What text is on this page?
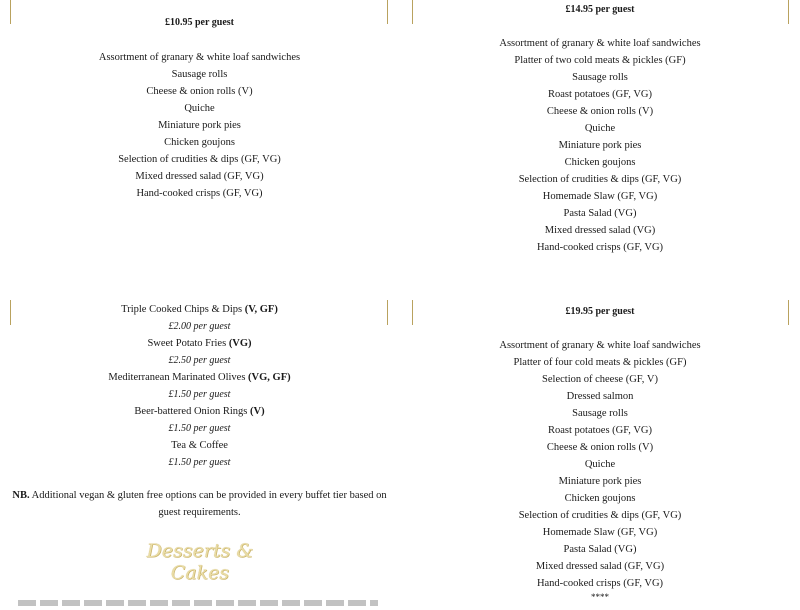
£10.95 per guest
Assortment of granary & white loaf sandwiches
Sausage rolls
Cheese & onion rolls (V)
Quiche
Miniature pork pies
Chicken goujons
Selection of crudities & dips (GF, VG)
Mixed dressed salad (GF, VG)
Hand-cooked crisps (GF, VG)
£14.95 per guest
Assortment of granary & white loaf sandwiches
Platter of two cold meats & pickles (GF)
Sausage rolls
Roast potatoes (GF, VG)
Cheese & onion rolls (V)
Quiche
Miniature pork pies
Chicken goujons
Selection of crudities & dips (GF, VG)
Homemade Slaw (GF, VG)
Pasta Salad (VG)
Mixed dressed salad (VG)
Hand-cooked crisps (GF, VG)
Triple Cooked Chips & Dips (V, GF)
£2.00 per guest
Sweet Potato Fries (VG)
£2.50 per guest
Mediterranean Marinated Olives (VG, GF)
£1.50 per guest
Beer-battered Onion Rings (V)
£1.50 per guest
Tea & Coffee
£1.50 per guest
NB. Additional vegan & gluten free options can be provided in every buffet tier based on guest requirements.
Desserts & Cakes
£19.95 per guest
Assortment of granary & white loaf sandwiches
Platter of four cold meats & pickles (GF)
Selection of cheese (GF, V)
Dressed salmon
Sausage rolls
Roast potatoes (GF, VG)
Cheese & onion rolls (V)
Quiche
Miniature pork pies
Chicken goujons
Selection of crudities & dips (GF, VG)
Homemade Slaw (GF, VG)
Pasta Salad (VG)
Mixed dressed salad (GF, VG)
Hand-cooked crisps (GF, VG)
****
